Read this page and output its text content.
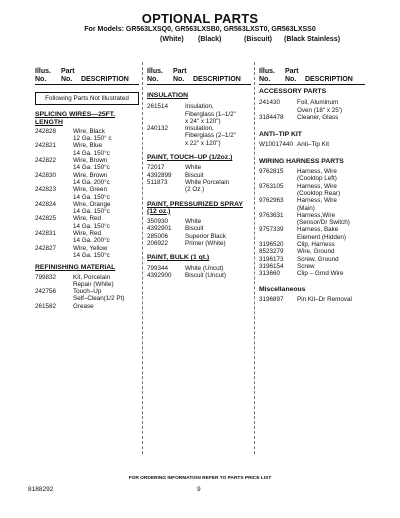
OPTIONAL PARTS
For Models: GR563LXSQ0, GR563LXSB0, GR563LXST0, GR563LXSS0
(White) (Black)	(Biscuit) (Black Stainless)
Illus. No.
Part No.	DESCRIPTION
Illus. No.
Part No.	DESCRIPTION
Illus. No.
Part No.	DESCRIPTION
Following Parts Not Illustrated
SPLICING WIRES—25FT. LENGTH
242828	Wire, Black
12 Ga. 150° c
242821	Wire, Blue
14 Ga. 150°c
242822	Wire, Brown
14 Ga. 150°c
242830	Wire, Brown
14 Ga. 200°c
242823	Wire, Green
14 Ga. 150°c
242824	Wire, Orange
14 Ga. 150°c
242825	Wire, Red
14 Ga. 150°c
242831	Wire, Red
14 Ga. 200°c
242827	Wire, Yellow
14 Ga. 150°c
REFINISHING MATERIAL
799832	Kit, Porcelain
Repair (White)
242756	Touch–Up
Self–Clean(1/2 Pt)
261582	Grease
INSULATION
261514	Insulation,
Fiberglass (1–1/2"
x 24" x 120")
240132	Insulation,
Fiberglass (2–1/2"
x 22" x 120")
PAINT, TOUCH–UP (1/2oz.)
72017	White
4392899	Biscuit
511873	White Porcelain
(2 Oz.)
PAINT, PRESSURIZED SPRAY (12 oz.)
350930	White
4392901	Biscuit
285006	Superior Black
206922	Primer (White)
PAINT, BULK (1 qt.)
799344	White (Uncut)
4392900	Biscuit (Uncut)
ACCESSORY PARTS
241430	Foil, Aluminum
Oven (18" x 25')
3184478	Cleaner, Glass
ANTI–TIP KIT
W10017440 Anti–Tip Kit
WIRING HARNESS PARTS
9762815	Harness, Wire
(Cooktop Left)
9763105	Harness, Wire
(Cooktop Rear)
9762963	Harness, Wire
(Main)
9763631	Harness,Wire
(Sensor/Dr Switch)
9757339	Harness, Bake
Element (Hidden)
3196520	Clip, Harness
8523279	Wire, Ground
3196173	Screw, Ground
3196154	Screw
313660	Clip – Grnd Wire
Miscellaneous
3196897	Pin Kit–Dr Removal
FOR ORDERING INFORMATION REFER TO PARTS PRICE LIST
8188292	9
